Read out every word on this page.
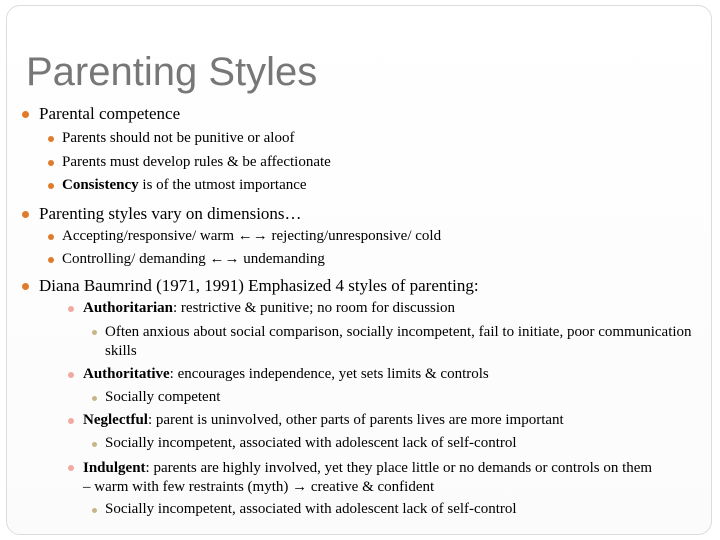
Parenting Styles
Parental competence
Parents should not be punitive or aloof
Parents must develop rules & be affectionate
Consistency is of the utmost importance
Parenting styles vary on dimensions…
Accepting/responsive/ warm ←→ rejecting/unresponsive/ cold
Controlling/ demanding ←→ undemanding
Diana Baumrind (1971, 1991) Emphasized 4 styles of parenting:
Authoritarian: restrictive & punitive; no room for discussion
Often anxious about social comparison, socially incompetent, fail to initiate, poor communication skills
Authoritative: encourages independence, yet sets limits & controls
Socially competent
Neglectful: parent is uninvolved, other parts of parents lives are more important
Socially incompetent, associated with adolescent lack of self-control
Indulgent: parents are highly involved, yet they place little or no demands or controls on them – warm with few restraints (myth) → creative & confident
Socially incompetent, associated with adolescent lack of self-control
